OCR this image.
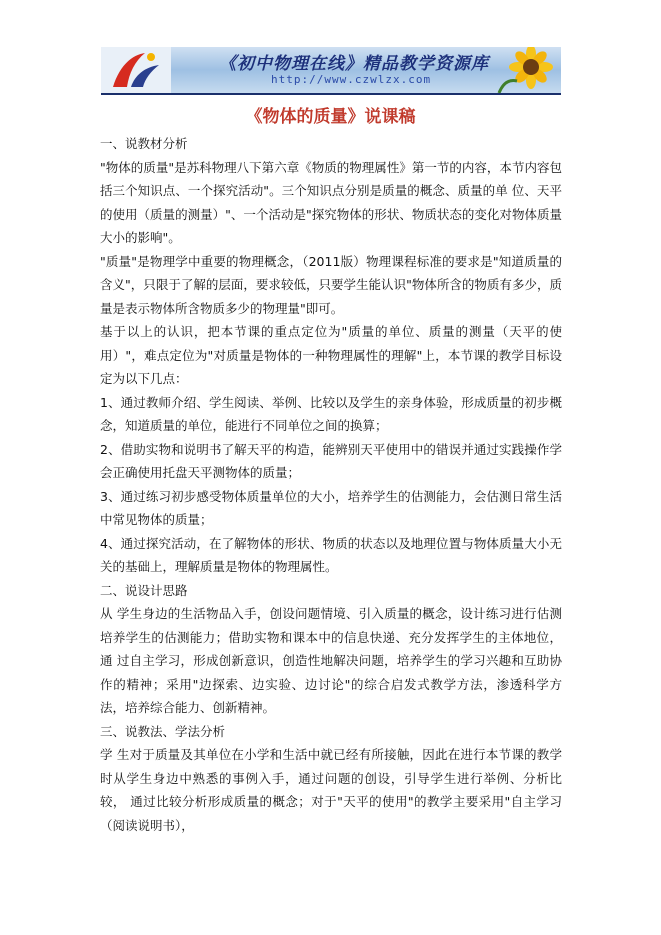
《初中物理在线》精品教学资源库
http://www.czwlzx.com
《物体的质量》说课稿

一、说教材分析

"物体的质量"是苏科物理八下第六章《物质的物理属性》第一节的内容，本节内容包括三个知识点、一个探究活动"。三个知识点分别是质量的概念、质量的单 位、天平的使用（质量的测量）"、一个活动是"探究物体的形状、物质状态的变化对物体质量大小的影响"。

"质量"是物理学中重要的物理概念，（2011版）物理课程标准的要求是"知道质量的含义"，只限于了解的层面，要求较低，只要学生能认识"物体所含的物质有多少，质量是表示物体所含物质多少的物理量"即可。

基于以上的认识，把本节课的重点定位为"质量的单位、质量的测量（天平的使用）"，难点定位为"对质量是物体的一种物理属性的理解"上，本节课的教学目标设定为以下几点：

1、通过教师介绍、学生阅读、举例、比较以及学生的亲身体验，形成质量的初步概念，知道质量的单位，能进行不同单位之间的换算；

2、借助实物和说明书了解天平的构造，能辨别天平使用中的错误并通过实践操作学会正确使用托盘天平测物体的质量；

3、通过练习初步感受物体质量单位的大小，培养学生的估测能力，会估测日常生活中常见物体的质量；

4、通过探究活动，在了解物体的形状、物质的状态以及地理位置与物体质量大小无关的基础上，理解质量是物体的物理属性。

二、说设计思路

从 学生身边的生活物品入手，创设问题情境、引入质量的概念，设计练习进行估测培养学生的估测能力；借助实物和课本中的信息快递、充分发挥学生的主体地位，通 过自主学习，形成创新意识，创造性地解决问题，培养学生的学习兴趣和互助协作的精神；采用"边探索、边实验、边讨论"的综合启发式教学方法，渗透科学方 法，培养综合能力、创新精神。

三、说教法、学法分析

学 生对于质量及其单位在小学和生活中就已经有所接触，因此在进行本节课的教学时从学生身边中熟悉的事例入手，通过问题的创设，引导学生进行举例、分析比较， 通过比较分析形成质量的概念；对于"天平的使用"的教学主要采用"自主学习（阅读说明书），
